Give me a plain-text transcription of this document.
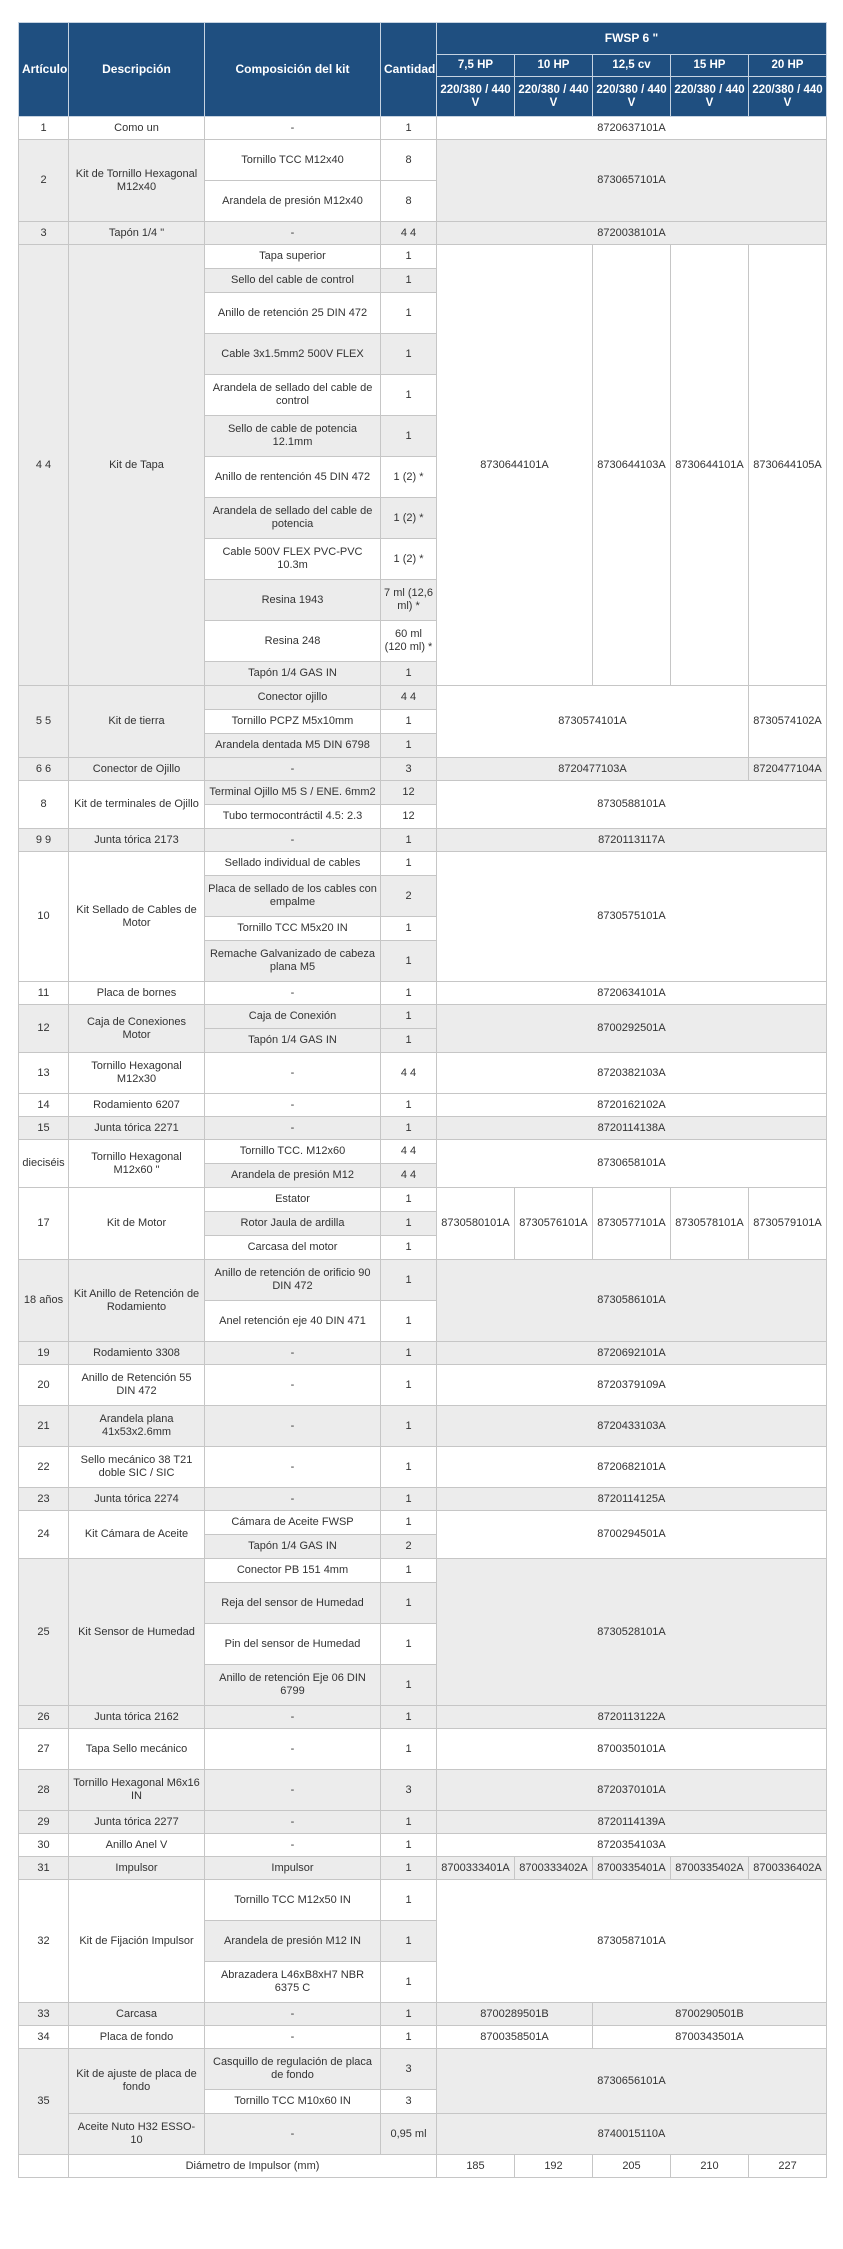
Artículo	Descripción	Composición del kit	Cantidad	FWSP 6 "				
				7,5 HP	10 HP	12,5 cv	15 HP	20 HP
				220/380 / 440 V	220/380 / 440 V	220/380 / 440 V	220/380 / 440 V	220/380 / 440 V
1	Como un	-	1	8720637101A				
2	Kit de Tornillo Hexagonal M12x40	Tornillo TCC M12x40	8	8730657101A				
		Arandela de presión M12x40	8					
3	Tapón 1/4 "	-	4 4	8720038101A				
4 4	Kit de Tapa	Tapa superior	1	8730644101A		8730644103A	8730644101A	8730644105A
		Sello del cable de control	1					
		Anillo de retención 25 DIN 472	1					
		Cable 3x1.5mm2 500V FLEX	1					
		Arandela de sellado del cable de control	1					
		Sello de cable de potencia 12.1mm	1					
		Anillo de rentención 45 DIN 472	1 (2) *					
		Arandela de sellado del cable de potencia	1 (2) *					
		Cable 500V FLEX PVC-PVC 10.3m	1 (2) *					
		Resina 1943	7 ml (12,6 ml) *					
		Resina 248	60 ml (120 ml) *					
		Tapón 1/4 GAS IN	1					
5 5	Kit de tierra	Conector ojillo	4 4	8730574101A				8730574102A
		Tornillo PCPZ M5x10mm	1					
		Arandela dentada M5 DIN 6798	1					
6 6	Conector de Ojillo	-	3	8720477103A				8720477104A
8	Kit de terminales de Ojillo	Terminal Ojillo M5 S / ENE. 6mm2	12	8730588101A				
		Tubo termocontráctil 4.5: 2.3	12					
9 9	Junta tórica 2173	-	1	8720113117A				
10	Kit Sellado de Cables de Motor	Sellado individual de cables	1	8730575101A				
		Placa de sellado de los cables con empalme	2					
		Tornillo TCC M5x20 IN	1					
		Remache Galvanizado de cabeza plana M5	1					
11	Placa de bornes	-	1	8720634101A				
12	Caja de Conexiones Motor	Caja de Conexión	1	8700292501A				
		Tapón 1/4 GAS IN	1					
13	Tornillo Hexagonal M12x30	-	4 4	8720382103A				
14	Rodamiento 6207	-	1	8720162102A				
15	Junta tórica 2271	-	1	8720114138A				
dieciséis	Tornillo Hexagonal M12x60 "	Tornillo TCC. M12x60	4 4	8730658101A				
		Arandela de presión M12	4 4					
17	Kit de Motor	Estator	1	8730580101A	8730576101A	8730577101A	8730578101A	8730579101A
		Rotor Jaula de ardilla	1					
		Carcasa del motor	1					
18 años	Kit Anillo de Retención de Rodamiento	Anillo de retención de orificio 90 DIN 472	1	8730586101A				
		Anel retención eje 40 DIN 471	1					
19	Rodamiento 3308	-	1	8720692101A				
20	Anillo de Retención 55 DIN 472	-	1	8720379109A				
21	Arandela plana 41x53x2.6mm	-	1	8720433103A				
22	Sello mecánico 38 T21 doble SIC / SIC	-	1	8720682101A				
23	Junta tórica 2274	-	1	8720114125A				
24	Kit Cámara de Aceite	Cámara de Aceite FWSP	1	8700294501A				
		Tapón 1/4 GAS IN	2					
25	Kit Sensor de Humedad	Conector PB 151 4mm	1	8730528101A				
		Reja del sensor de Humedad	1					
		Pin del sensor de Humedad	1					
		Anillo de retención Eje 06 DIN 6799	1					
26	Junta tórica 2162	-	1	8720113122A				
27	Tapa Sello mecánico	-	1	8700350101A				
28	Tornillo Hexagonal M6x16 IN	-	3	8720370101A				
29	Junta tórica 2277	-	1	8720114139A				
30	Anillo Anel V	-	1	8720354103A				
31	Impulsor	Impulsor	1	8700333401A	8700333402A	8700335401A	8700335402A	8700336402A
32	Kit de Fijación Impulsor	Tornillo TCC M12x50 IN	1	8730587101A				
		Arandela de presión M12 IN	1					
		Abrazadera L46xB8xH7 NBR 6375 C	1					
33	Carcasa	-	1	8700289501B		8700290501B		
34	Placa de fondo	-	1	8700358501A		8700343501A		
35	Kit de ajuste de placa de fondo	Casquillo de regulación de placa de fondo	3	8730656101A				
		Tornillo TCC M10x60 IN	3					
	Aceite Nuto H32 ESSO-10	-	0,95 ml	8740015110A				
	Diámetro de Impulsor (mm)			185	192	205	210	227
